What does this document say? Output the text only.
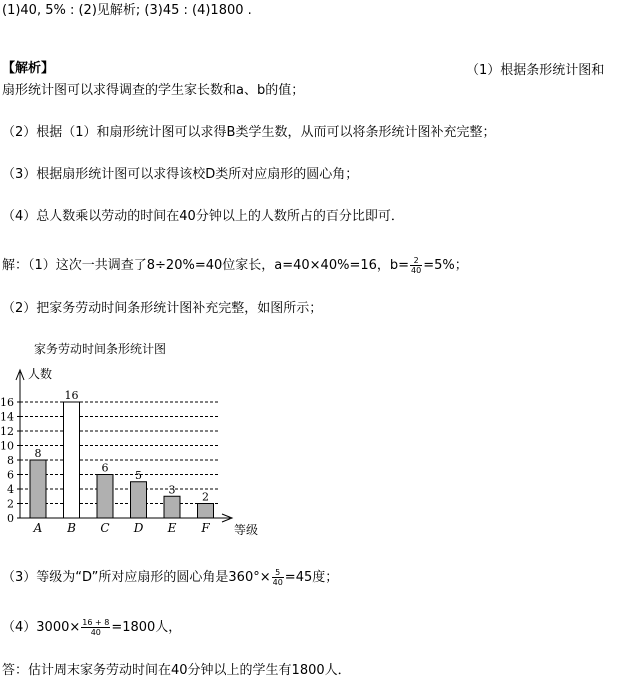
(1)40, 5% : (2)见解析; (3)45 : (4)1800 .
【解析】	（1）根据条形统计图和
扇形统计图可以求得调查的学生家长数和a、b的值；
（2）根据（1）和扇形统计图可以求得B类学生数，从而可以将条形统计图补充完整；
（3）根据扇形统计图可以求得该校D类所对应扇形的圆心角；
（4）总人数乘以劳动的时间在40分钟以上的人数所占的百分比即可．
解：（1）这次一共调查了8÷20%=40位家长，a=40×40%=16，$b= \frac{2}{40} =5\%$；
（2）把家务劳动时间条形统计图补充完整，如图所示；
家务劳动时间条形统计图
0
2
4
6
8
10
12
14
16
人数
等级
8
A
16
B
6
C
5
D
3
E
2
F
（3）等级为“D”所对应扇形的圆心角是$360^\circ\times \frac{5}{40} =45$度；
$(4)3000\times \frac{16 + 8}{40} =1800$人，
答：估计周末家务劳动时间在40分钟以上的学生有1800人．
